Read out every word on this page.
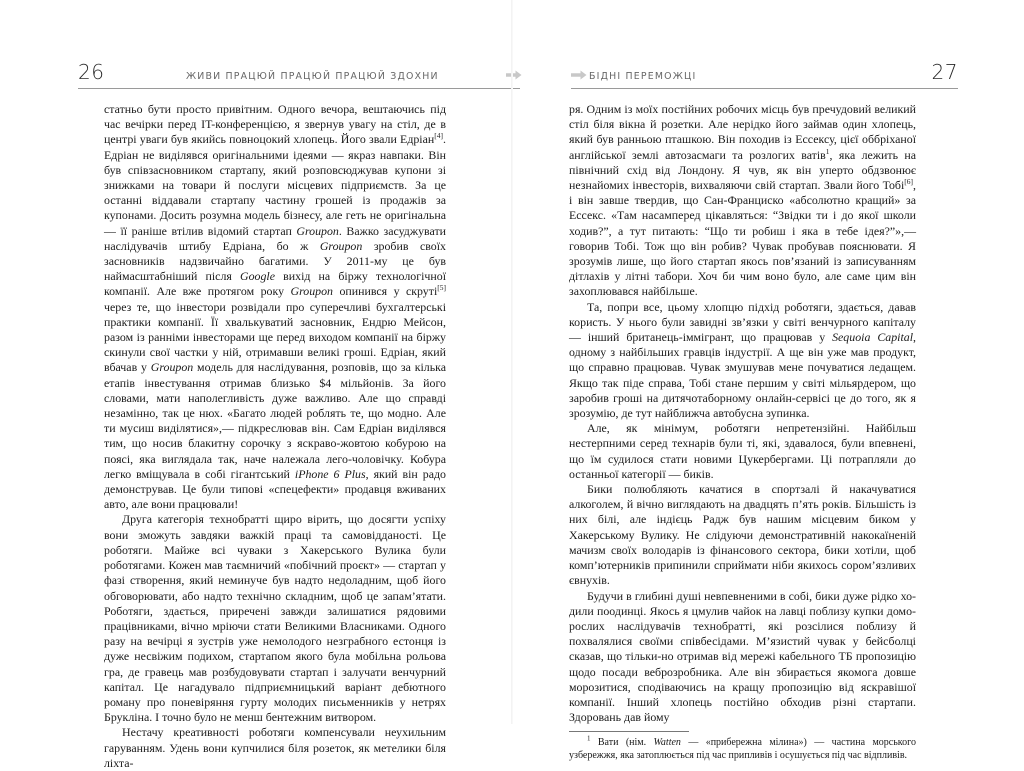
26	ЖИВИ ПРАЦЮЙ ПРАЦЮЙ ПРАЦЮЙ ЗДОХНИ

статньо бути просто привітним. Одного вечора, вештаючись під час вечірки перед IT-конференцією, я звернув увагу на стіл, де в центрі уваги був якийсь повноцокий хлопець. Його звали Едріан[4]. Едріан не виділявся оригінальними ідеями — якраз навпаки. Він був співзасновником стартапу, який розповсюджував купони зі знижками на товари й послуги місцевих підприємств. За це останні віддавали стартапу частину грошей із продажів за купонами. Досить розумна модель бізнесу, але геть не оригінальна — її раніше втілив відомий стартап Groupon. Важко засуджувати наслідувачів штибу Едріана, бо ж Groupon зробив своїх засновників надзвичайно багатими. У 2011-му це був наймасштабніший після Google вихід на біржу технологічної компанії. Але вже протягом року Groupon опинився у скруті[5] через те, що інвестори розвідали про суперечливі бухгалтерські практики компанії. Її хвалькуватий засновник, Ендрю Мейсон, разом із ранніми інвесторами ще перед виходом компанії на біржу скинули свої частки у ній, отримавши великі гроші. Едріан, який вбачав у Groupon модель для наслідування, розповів, що за кілька етапів інвестування отримав близько $4 мільйонів. За його словами, мати наполегливість дуже важливо. Але що справді незамінно, так це нюх. «Багато людей роблять те, що модно. Але ти мусиш виділятися»,— підкреслював він. Сам Едріан виділявся тим, що носив блакитну сорочку з яскраво-жовтою кобурою на поясі, яка виглядала так, наче належала лего-чоловічку. Кобура легко вміщувала в собі гігантський iPhone 6 Plus, який він радо демонстрував. Це були типові «спецефекти» продавця вживаних авто, але вони працювали!

Друга категорія технобраттi щиро вірить, що досягти успіху вони зможуть завдяки важкій праці та самовідданості. Це роботяги. Майже всі чуваки з Хакерського Вулика були роботягами. Кожен мав таємничий «побічний проєкт» — стартап у фазі створення, який неминуче був надто недоладним, щоб його обговорювати, або надто технічно складним, щоб це запам’ятати. Роботяги, здається, приречені завжди залишатися рядовими працівниками, вічно мріючи стати Великими Власниками. Одного разу на вечірці я зустрів уже немолодого незграбного естонця із дуже несвіжим подихом, стартапом якого була мобільна рольова гра, де гравець мав розбудовувати стартап і залучати венчурний капітал. Це нагадувало підприємницький варіант дебютного роману про поневіряння гурту молодих письменників у нетрях Брукліна. І точно було не менш бентежним витвором.

Нестачу креативності роботяги компенсували неухильним гаруванням. Удень вони купчилися біля розеток, як метелики біля ліхта-

БІДНІ ПЕРЕМОЖЦІ	27

ря. Одним із моїх постійних робочих місць був пречудовий великий стіл біля вікна й розетки. Але нерідко його займав один хлопець, який був ранньою пташкою. Він походив із Ессексу, цієї оббріханої англійської землі автозасмаги та розлогих ватів$^1$, яка лежить на північний схід від Лондону. Я чув, як він уперто обдзвонює незнайомих інвесторів, вихваляючи свій стартап. Звали його Тобі[6], і він завше твердив, що Сан-Франциско «абсолютно кращий» за Ессекс. «Там насамперед цікавляться: “Звідки ти і до якої школи ходив?”, а тут питають: “Що ти робиш і яка в тебе ідея?”»,— говорив Тобі. Тож що він робив? Чувак пробував пояснювати. Я зрозумів лише, що його стартап якось пов’язаний із записуванням дітлахів у літні табори. Хоч би чим воно було, але саме цим він захоплювався найбільше.

Та, попри все, цьому хлопцю підхід роботяги, здається, давав користь. У нього були завидні зв’язки у світі венчурного капіталу — інший британець-іммігрант, що працював у Sequoia Capital, одному з найбільших гравців індустрії. А ще він уже мав продукт, що справно працював. Чувак змушував мене почуватися ледащем. Якщо так піде справа, Тобі стане першим у світі мільярдером, що заробив гроші на дитячотаборному онлайн-сервісі це до того, як я зрозумію, де тут найближча автобусна зупинка.

Але, як мінімум, роботяги непретензійні. Найбільш нестерпними серед технарів були ті, які, здавалося, були впевнені, що їм судилося стати новими Цукербергами. Ці потрапляли до останньої категорії — биків.

Бики полюбляють качатися в спортзалі й накачуватися алкоголем, й вічно виглядають на двадцять п’ять років. Більшість із них білі, але індієць Радж був нашим місцевим биком у Хакерському Вулику. Не слідуючи демонстративній накокаїненій мачизм своїх володарів із фінансового сектора, бики хотіли, щоб комп’ютерників припинили сприймати ніби якихось сором’язливих євнухів.

Будучи в глибині душі невпевненими в собі, бики дуже рідко ходили поодинці. Якось я цмулив чайок на лавці поблизу купки доморослих наслідувачів технобраттi, які розсілися поблизу й похвалялися своїми співбесідами. М’язистий чувак у бейсболці сказав, що тільки-но отримав від мережі кабельного ТБ пропозицію щодо посади веброзробника. Але він збирається якомога довше морозитися, сподіваючись на кращу пропозицію від яскравішої компанії. Інший хлопець постійно обходив різні стартапи. Здоровань дав йому

$^1$ Вати (нім. Watten — «прибережна мілина») — частина морського узбережжя, яка затоплюється під час припливів і осушується під час відпливів.
